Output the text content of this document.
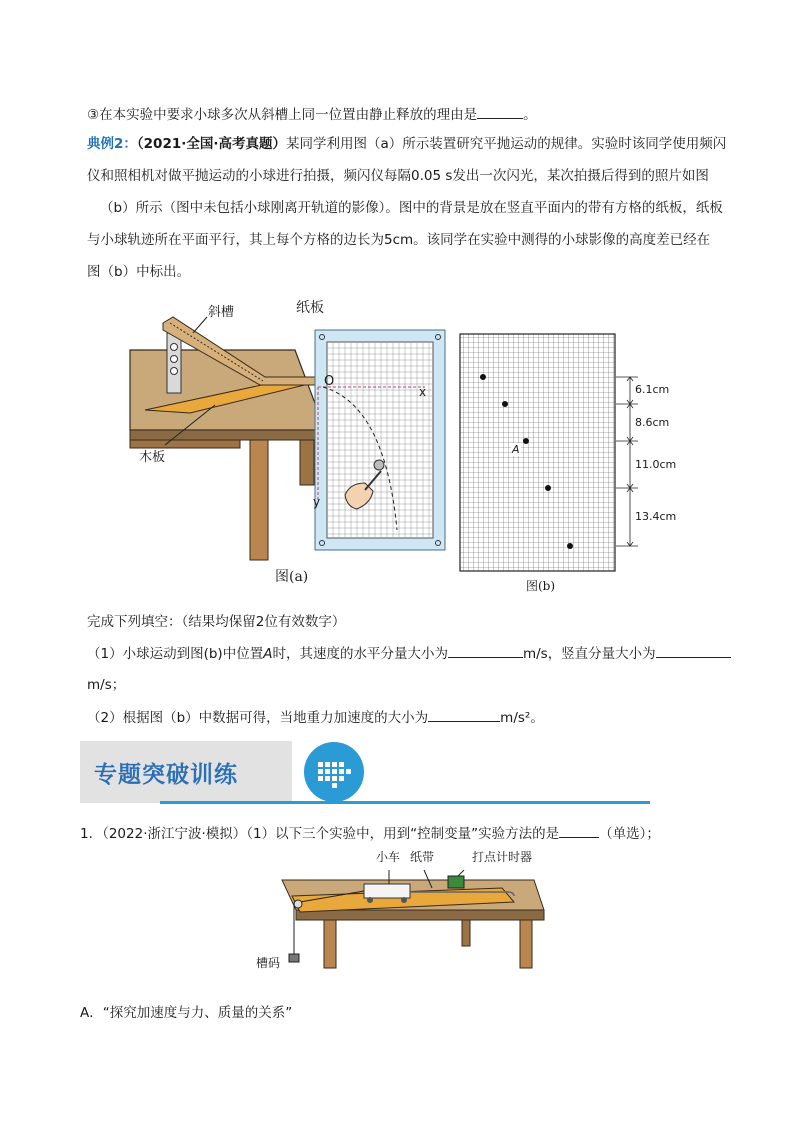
③在本实验中要求小球多次从斜槽上同一位置由静止释放的理由是	。
典例2：（2021·全国·高考真题）某同学利用图（a）所示装置研究平抛运动的规律。实验时该同学使用频闪
仪和照相机对做平抛运动的小球进行拍摄，频闪仪每隔0.05 s发出一次闪光，某次拍摄后得到的照片如图
（b）所示（图中未包括小球刚离开轨道的影像）。图中的背景是放在竖直平面内的带有方格的纸板，纸板
与小球轨迹所在平面平行，其上每个方格的边长为5cm。该同学在实验中测得的小球影像的高度差已经在
图（b）中标出。
斜槽	纸板
木板
O
x
y
图(a)
A
6.1cm
8.6cm
11.0cm
13.4cm
图(b)
完成下列填空：（结果均保留2位有效数字）
（1）小球运动到图(b)中位置A时，其速度的水平分量大小为	m/s，竖直分量大小为
m/s；
（2）根据图（b）中数据可得，当地重力加速度的大小为	m/s²。
专题突破训练
1．（2022·浙江宁波·模拟）（1）以下三个实验中，用到“控制变量”实验方法的是	（单选）；
小车 纸带	打点计时器
槽码
A．“探究加速度与力、质量的关系”
